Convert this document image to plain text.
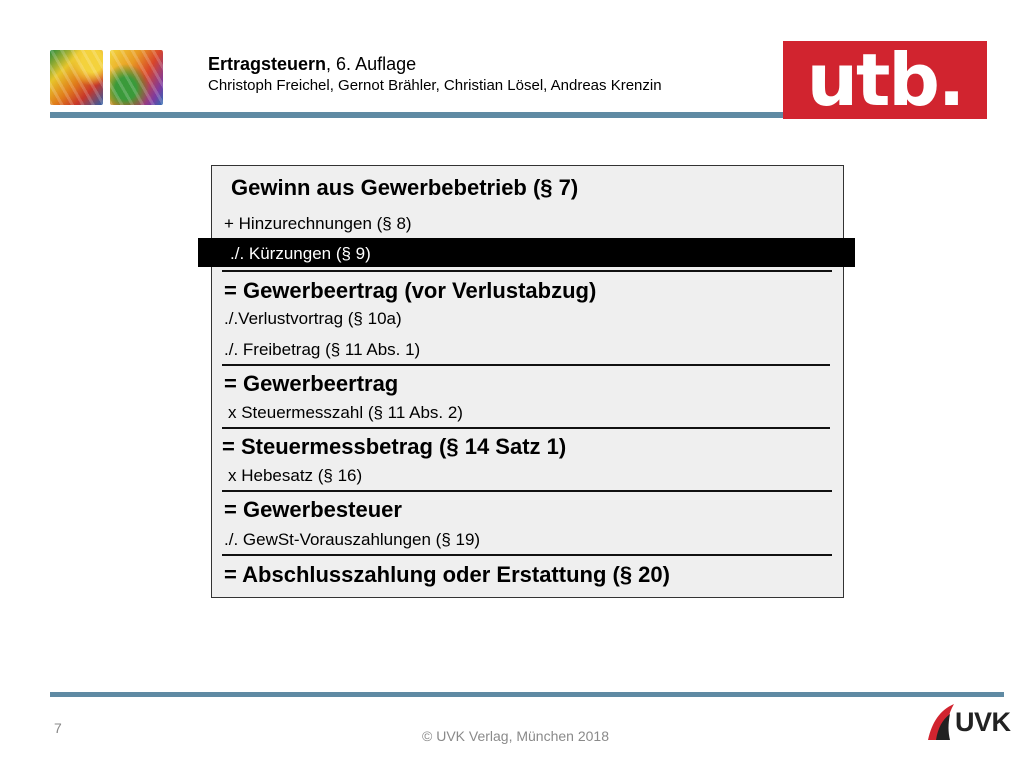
Ertragsteuern, 6. Auflage
Christoph Freichel, Gernot Brähler, Christian Lösel, Andreas Krenzin	utb.
Gewinn aus Gewerbebetrieb (§ 7)
+ Hinzurechnungen (§ 8)
./. Kürzungen (§ 9)
= Gewerbeertrag (vor Verlustabzug)
./.Verlustvortrag (§ 10a)
./. Freibetrag (§ 11 Abs. 1)
= Gewerbeertrag
x Steuermesszahl (§ 11 Abs. 2)
= Steuermessbetrag (§ 14 Satz 1)
x Hebesatz (§ 16)
= Gewerbesteuer
./. GewSt-Vorauszahlungen (§ 19)
= Abschlusszahlung oder Erstattung (§ 20)
7	© UVK Verlag, München 2018	UVK
